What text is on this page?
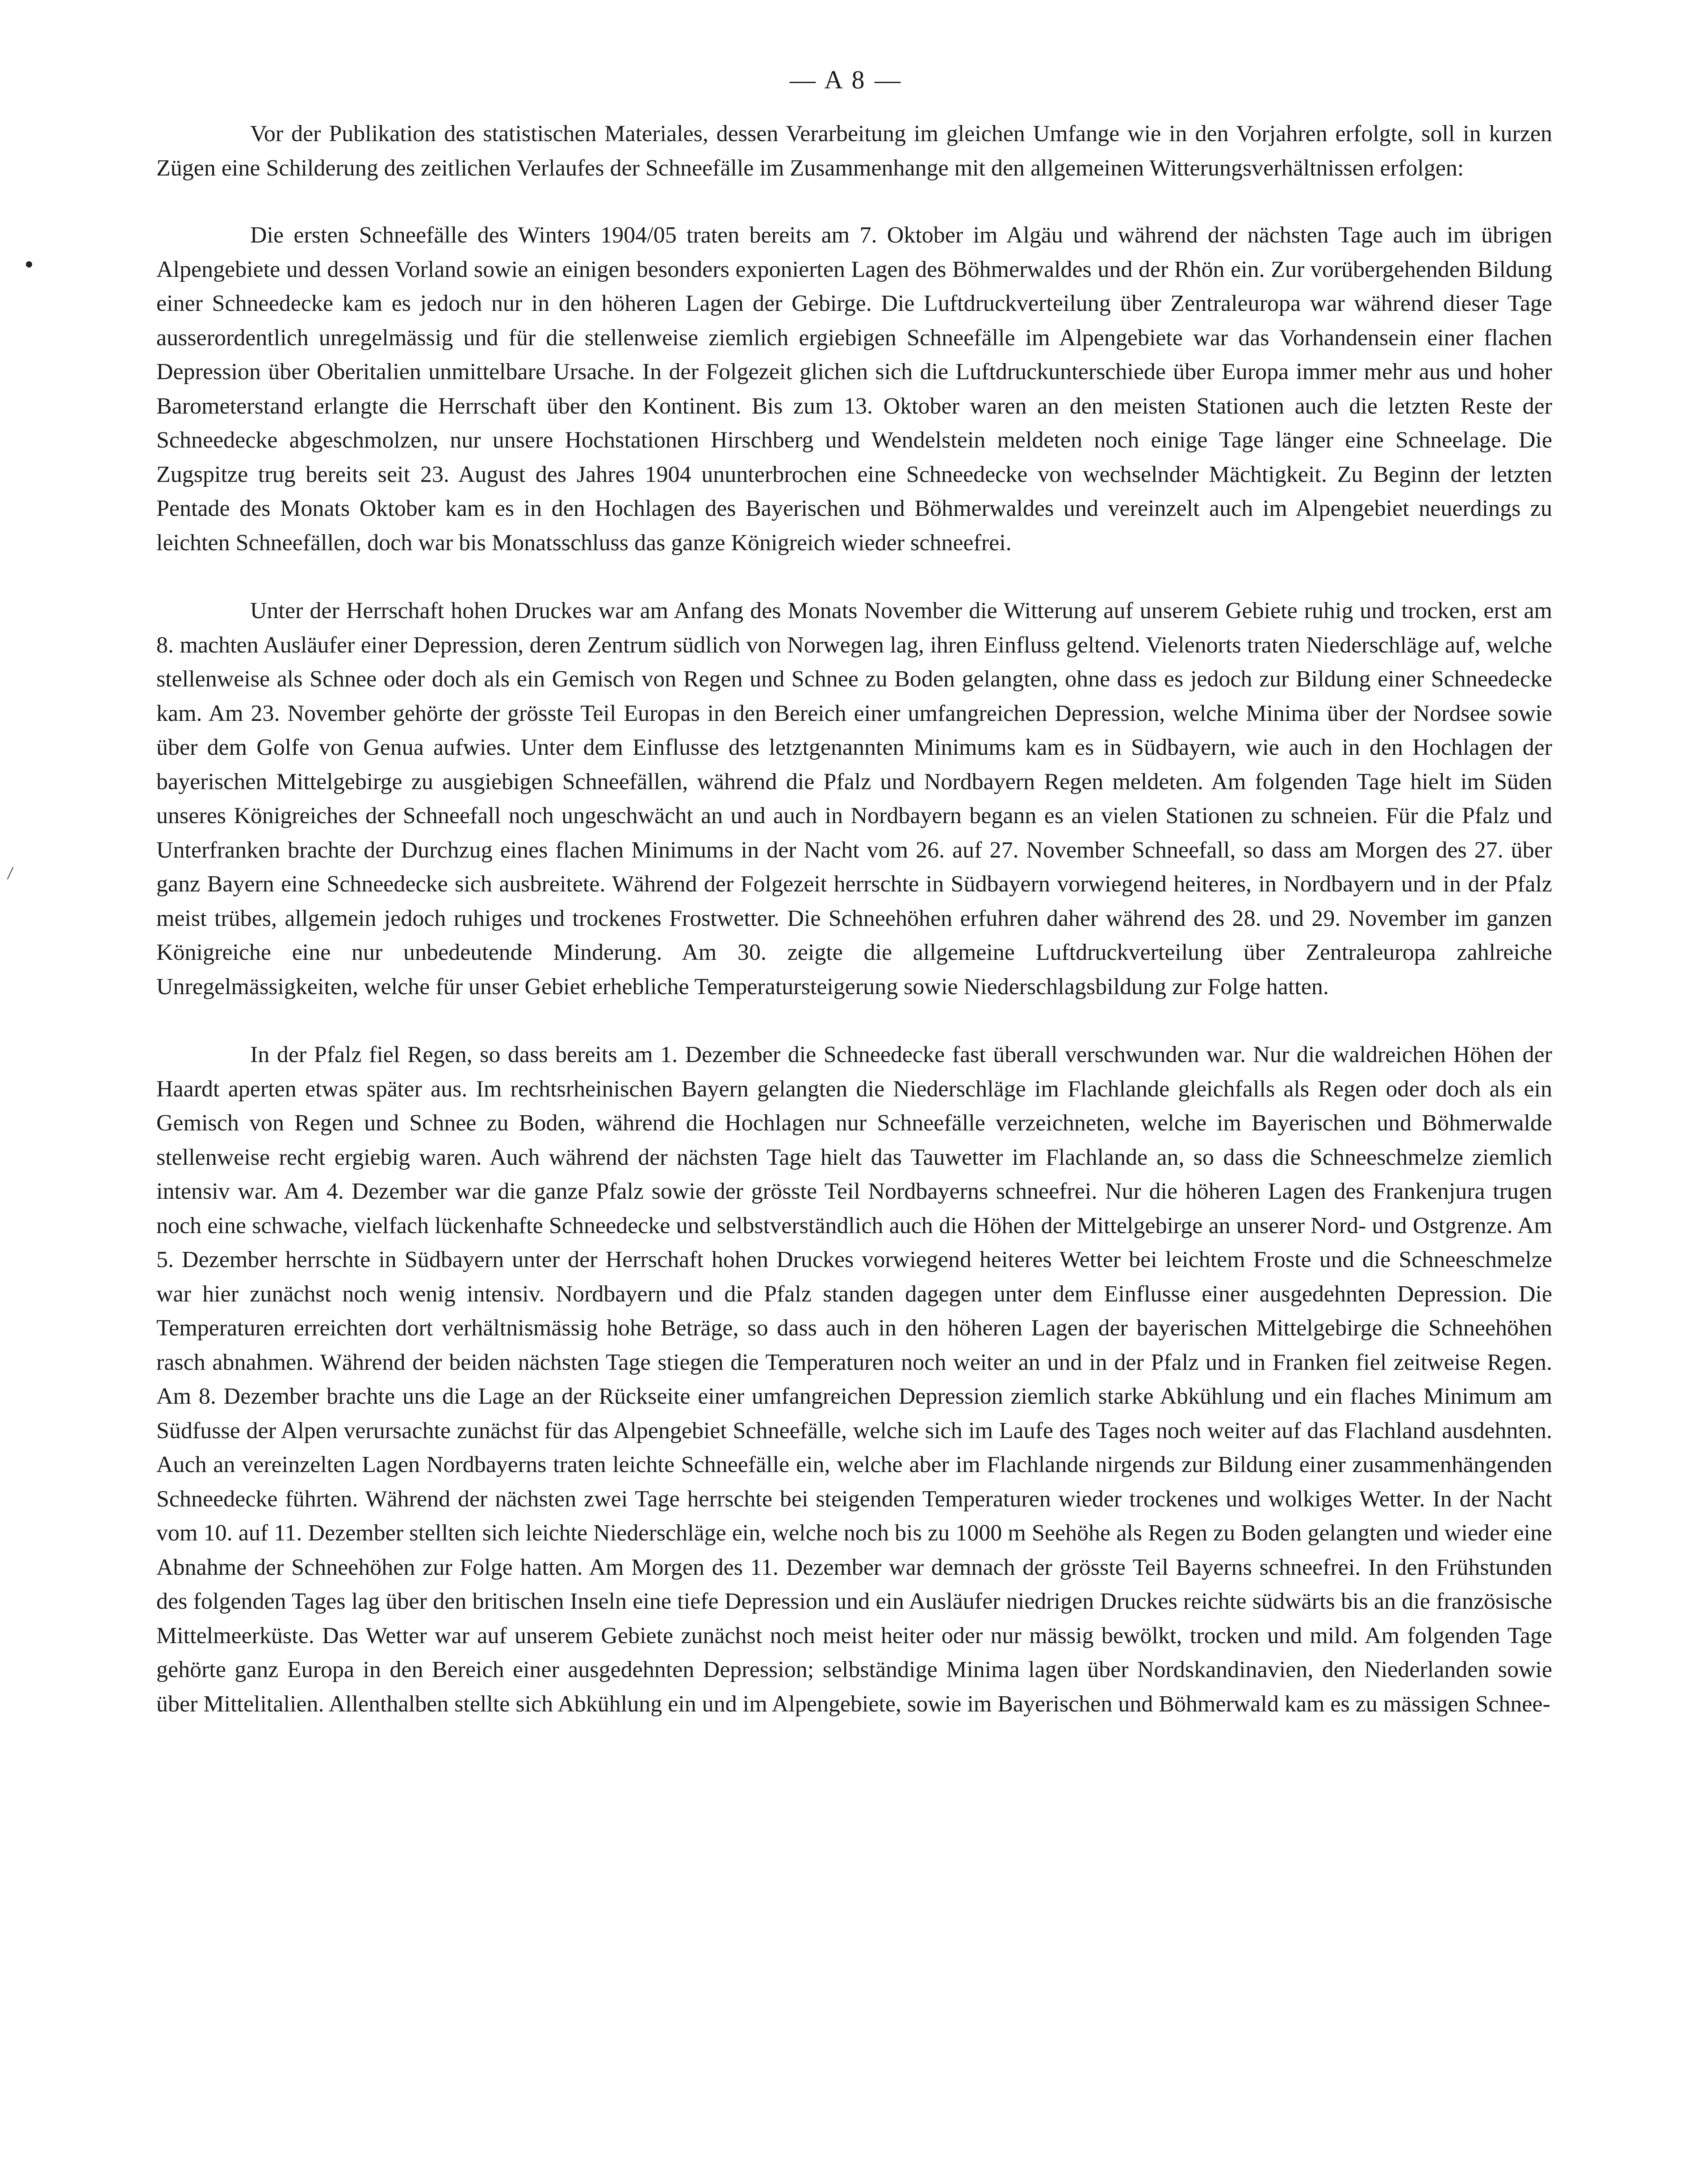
— A 8 —

Vor der Publikation des statistischen Materiales, dessen Verarbeitung im gleichen Umfange wie in den Vorjahren erfolgte, soll in kurzen Zügen eine Schilderung des zeitlichen Verlaufes der Schneefälle im Zusammenhange mit den allgemeinen Witterungsverhältnissen erfolgen:

Die ersten Schneefälle des Winters 1904/05 traten bereits am 7. Oktober im Algäu und während der nächsten Tage auch im übrigen Alpengebiete und dessen Vorland sowie an einigen besonders exponierten Lagen des Böhmerwaldes und der Rhön ein. Zur vorübergehenden Bildung einer Schneedecke kam es jedoch nur in den höheren Lagen der Gebirge. Die Luftdruckverteilung über Zentraleuropa war während dieser Tage ausserordentlich unregelmässig und für die stellenweise ziemlich ergiebigen Schneefälle im Alpengebiete war das Vorhandensein einer flachen Depression über Oberitalien unmittelbare Ursache. In der Folgezeit glichen sich die Luftdruckunterschiede über Europa immer mehr aus und hoher Barometerstand erlangte die Herrschaft über den Kontinent. Bis zum 13. Oktober waren an den meisten Stationen auch die letzten Reste der Schneedecke abgeschmolzen, nur unsere Hochstationen Hirschberg und Wendelstein meldeten noch einige Tage länger eine Schneelage. Die Zugspitze trug bereits seit 23. August des Jahres 1904 ununterbrochen eine Schneedecke von wechselnder Mächtigkeit. Zu Beginn der letzten Pentade des Monats Oktober kam es in den Hochlagen des Bayerischen und Böhmerwaldes und vereinzelt auch im Alpengebiet neuerdings zu leichten Schneefällen, doch war bis Monatsschluss das ganze Königreich wieder schneefrei.

Unter der Herrschaft hohen Druckes war am Anfang des Monats November die Witterung auf unserem Gebiete ruhig und trocken, erst am 8. machten Ausläufer einer Depression, deren Zentrum südlich von Norwegen lag, ihren Einfluss geltend. Vielenorts traten Niederschläge auf, welche stellenweise als Schnee oder doch als ein Gemisch von Regen und Schnee zu Boden gelangten, ohne dass es jedoch zur Bildung einer Schneedecke kam. Am 23. November gehörte der grösste Teil Europas in den Bereich einer umfangreichen Depression, welche Minima über der Nordsee sowie über dem Golfe von Genua aufwies. Unter dem Einflusse des letztgenannten Minimums kam es in Südbayern, wie auch in den Hochlagen der bayerischen Mittelgebirge zu ausgiebigen Schneefällen, während die Pfalz und Nordbayern Regen meldeten. Am folgenden Tage hielt im Süden unseres Königreiches der Schneefall noch ungeschwächt an und auch in Nordbayern begann es an vielen Stationen zu schneien. Für die Pfalz und Unterfranken brachte der Durchzug eines flachen Minimums in der Nacht vom 26. auf 27. November Schneefall, so dass am Morgen des 27. über ganz Bayern eine Schneedecke sich ausbreitete. Während der Folgezeit herrschte in Südbayern vorwiegend heiteres, in Nordbayern und in der Pfalz meist trübes, allgemein jedoch ruhiges und trockenes Frostwetter. Die Schneehöhen erfuhren daher während des 28. und 29. November im ganzen Königreiche eine nur unbedeutende Minderung. Am 30. zeigte die allgemeine Luftdruckverteilung über Zentraleuropa zahlreiche Unregelmässigkeiten, welche für unser Gebiet erhebliche Temperatursteigerung sowie Niederschlagsbildung zur Folge hatten.

In der Pfalz fiel Regen, so dass bereits am 1. Dezember die Schneedecke fast überall verschwunden war. Nur die waldreichen Höhen der Haardt aperten etwas später aus. Im rechtsrheinischen Bayern gelangten die Niederschläge im Flachlande gleichfalls als Regen oder doch als ein Gemisch von Regen und Schnee zu Boden, während die Hochlagen nur Schneefälle verzeichneten, welche im Bayerischen und Böhmerwalde stellenweise recht ergiebig waren. Auch während der nächsten Tage hielt das Tauwetter im Flachlande an, so dass die Schneeschmelze ziemlich intensiv war. Am 4. Dezember war die ganze Pfalz sowie der grösste Teil Nordbayerns schneefrei. Nur die höheren Lagen des Frankenjura trugen noch eine schwache, vielfach lückenhafte Schneedecke und selbstverständlich auch die Höhen der Mittelgebirge an unserer Nord- und Ostgrenze. Am 5. Dezember herrschte in Südbayern unter der Herrschaft hohen Druckes vorwiegend heiteres Wetter bei leichtem Froste und die Schneeschmelze war hier zunächst noch wenig intensiv. Nordbayern und die Pfalz standen dagegen unter dem Einflusse einer ausgedehnten Depression. Die Temperaturen erreichten dort verhältnismässig hohe Beträge, so dass auch in den höheren Lagen der bayerischen Mittelgebirge die Schneehöhen rasch abnahmen. Während der beiden nächsten Tage stiegen die Temperaturen noch weiter an und in der Pfalz und in Franken fiel zeitweise Regen. Am 8. Dezember brachte uns die Lage an der Rückseite einer umfangreichen Depression ziemlich starke Abkühlung und ein flaches Minimum am Südfusse der Alpen verursachte zunächst für das Alpengebiet Schneefälle, welche sich im Laufe des Tages noch weiter auf das Flachland ausdehnten. Auch an vereinzelten Lagen Nordbayerns traten leichte Schneefälle ein, welche aber im Flachlande nirgends zur Bildung einer zusammenhängenden Schneedecke führten. Während der nächsten zwei Tage herrschte bei steigenden Temperaturen wieder trockenes und wolkiges Wetter. In der Nacht vom 10. auf 11. Dezember stellten sich leichte Niederschläge ein, welche noch bis zu 1000 m Seehöhe als Regen zu Boden gelangten und wieder eine Abnahme der Schneehöhen zur Folge hatten. Am Morgen des 11. Dezember war demnach der grösste Teil Bayerns schneefrei. In den Frühstunden des folgenden Tages lag über den britischen Inseln eine tiefe Depression und ein Ausläufer niedrigen Druckes reichte südwärts bis an die französische Mittelmeerküste. Das Wetter war auf unserem Gebiete zunächst noch meist heiter oder nur mässig bewölkt, trocken und mild. Am folgenden Tage gehörte ganz Europa in den Bereich einer ausgedehnten Depression; selbständige Minima lagen über Nordskandinavien, den Niederlanden sowie über Mittelitalien. Allenthalben stellte sich Abkühlung ein und im Alpengebiete, sowie im Bayerischen und Böhmerwald kam es zu mässigen Schnee-
